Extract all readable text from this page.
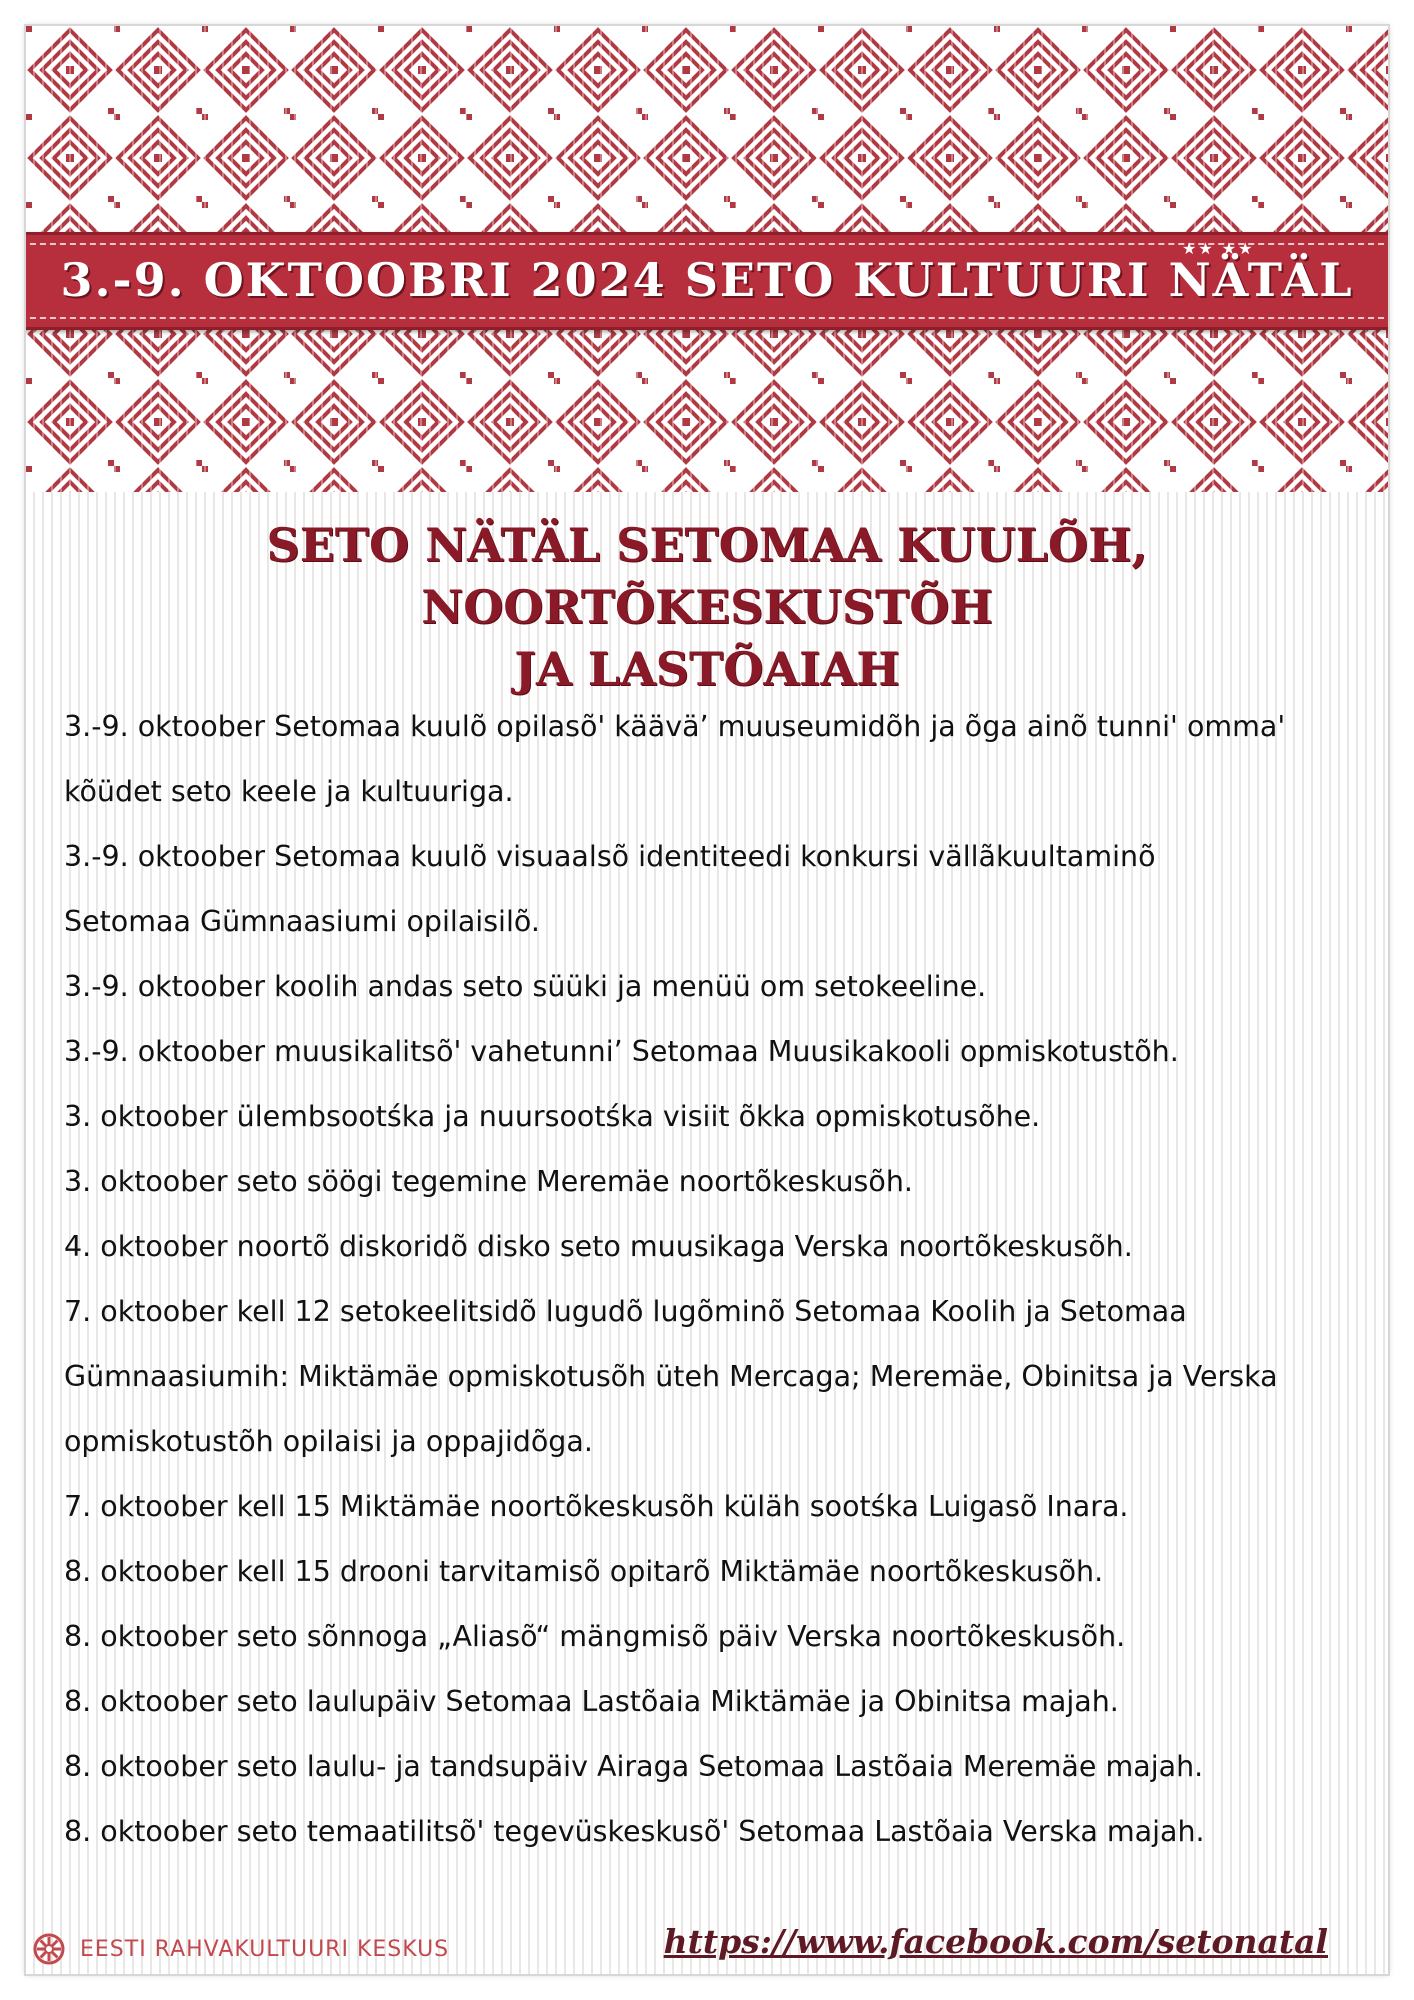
★★ ★★
3.-9. OKTOOBRI 2024 SETO KULTUURI NÄTÄL
SETO NÄTÄL SETOMAA KUULÕH, NOORTÕKESKUSTÕH
JA LASTÕAIAH
3.-9. oktoober Setomaa kuulõ opilasõ' kääväʼ muuseumidõh ja õga ainõ tunni' omma'
kõüdet seto keele ja kultuuriga.
3.-9. oktoober Setomaa kuulõ visuaalsõ identiteedi konkursi vällãkuultaminõ
Setomaa Gümnaasiumi opilaisilõ.
3.-9. oktoober koolih andas seto süüki ja menüü om setokeeline.
3.-9. oktoober muusikalitsõ' vahetunniʼ Setomaa Muusikakooli opmiskotustõh.
3. oktoober ülembsootśka ja nuursootśka visiit õkka opmiskotusõhe.
3. oktoober seto söögi tegemine Meremäe noortõkeskusõh.
4. oktoober noortõ diskoridõ disko seto muusikaga Verska noortõkeskusõh.
7. oktoober kell 12 setokeelitsidõ lugudõ lugõminõ Setomaa Koolih ja Setomaa
Gümnaasiumih: Miktämäe opmiskotusõh üteh Mercaga; Meremäe, Obinitsa ja Verska
opmiskotustõh opilaisi ja oppajidõga.
7. oktoober kell 15 Miktämäe noortõkeskusõh küläh sootśka Luigasõ Inara.
8. oktoober kell 15 drooni tarvitamisõ opitarõ Miktämäe noortõkeskusõh.
8. oktoober seto sõnnoga „Aliasõ“ mängmisõ päiv Verska noortõkeskusõh.
8. oktoober seto laulupäiv Setomaa Lastõaia Miktämäe ja Obinitsa majah.
8. oktoober seto laulu- ja tandsupäiv Airaga Setomaa Lastõaia Meremäe majah.
8. oktoober seto temaatilitsõ' tegevüskeskusõ' Setomaa Lastõaia Verska majah.
EESTI RAHVAKULTUURI KESKUS	https://www.facebook.com/setonatal
